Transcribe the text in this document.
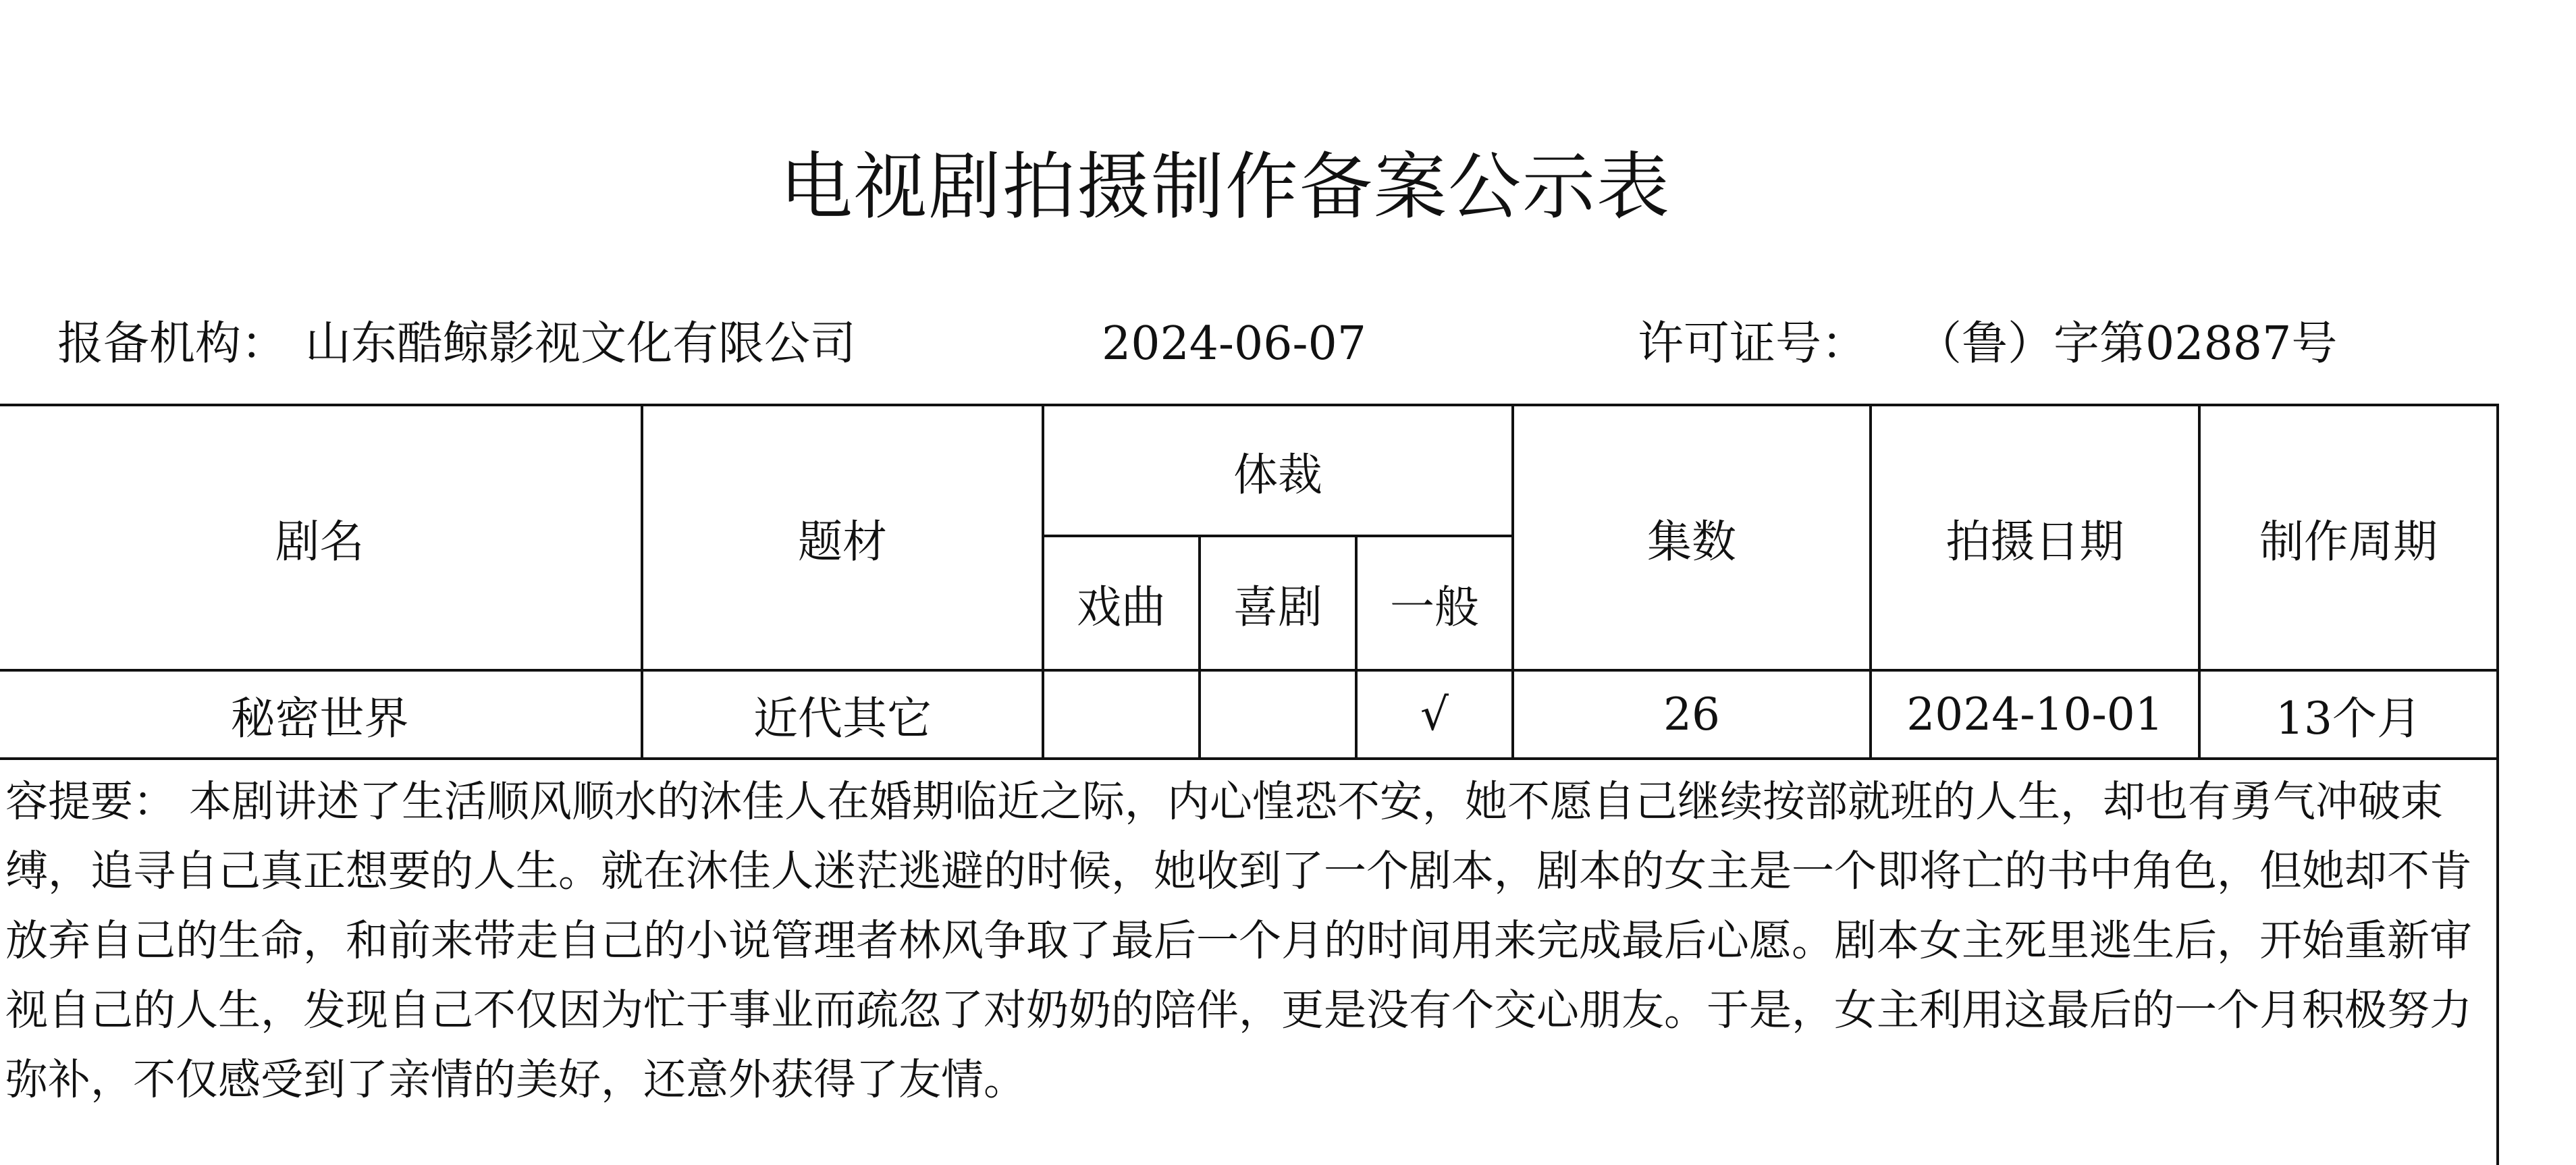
电视剧拍摄制作备案公示表
报备机构： 山东酷鲸影视文化有限公司	2024-06-07	许可证号： （鲁）字第02887号
剧名	题材	体裁			集数	拍摄日期	制作周期
		戏曲	喜剧	一般			
秘密世界	近代其它			√	26	2024-10-01	13个月

容提要： 本剧讲述了生活顺风顺水的沐佳人在婚期临近之际，内心惶恐不安，她不愿自己继续按部就班的人生，却也有勇气冲破束缚，追寻自己真正想要的人生。就在沐佳人迷茫逃避的时候，她收到了一个剧本，剧本的女主是一个即将亡的书中角色，但她却不肯放弃自己的生命，和前来带走自己的小说管理者林风争取了最后一个月的时间用来完成最后心愿。剧本女主死里逃生后，开始重新审视自己的人生，发现自己不仅因为忙于事业而疏忽了对奶奶的陪伴，更是没有个交心朋友。于是，女主利用这最后的一个月积极努力弥补，不仅感受到了亲情的美好，还意外获得了友情。							
